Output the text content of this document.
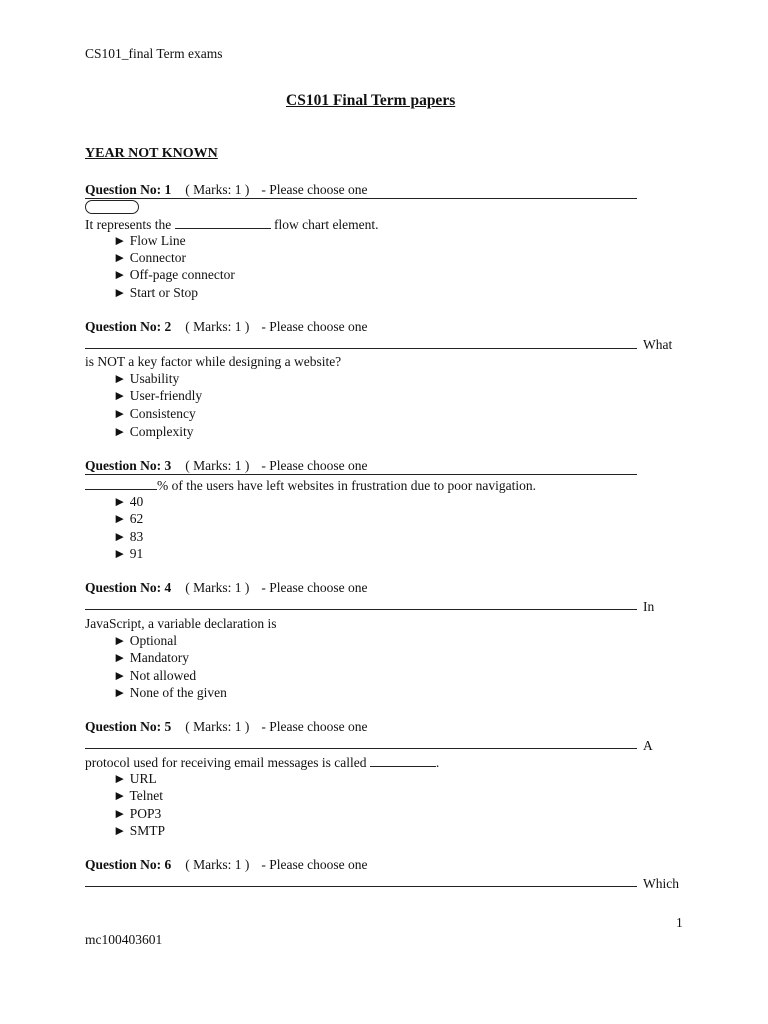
CS101_final Term exams
CS101 Final Term papers
YEAR NOT KNOWN
Question No: 1 ( Marks: 1 ) - Please choose one
It represents the	flow chart element.
► Flow Line
► Connector
► Off-page connector
► Start or Stop
Question No: 2 ( Marks: 1 ) - Please choose one
What
is NOT a key factor while designing a website?
► Usability
► User-friendly
► Consistency
► Complexity
Question No: 3 ( Marks: 1 ) - Please choose one
% of the users have left websites in frustration due to poor navigation.
► 40
► 62
► 83
► 91
Question No: 4 ( Marks: 1 ) - Please choose one
In
JavaScript, a variable declaration is
► Optional
► Mandatory
► Not allowed
► None of the given
Question No: 5 ( Marks: 1 ) - Please choose one
A
protocol used for receiving email messages is called	.
► URL
► Telnet
► POP3
► SMTP
Question No: 6 ( Marks: 1 ) - Please choose one
Which
1
mc100403601
